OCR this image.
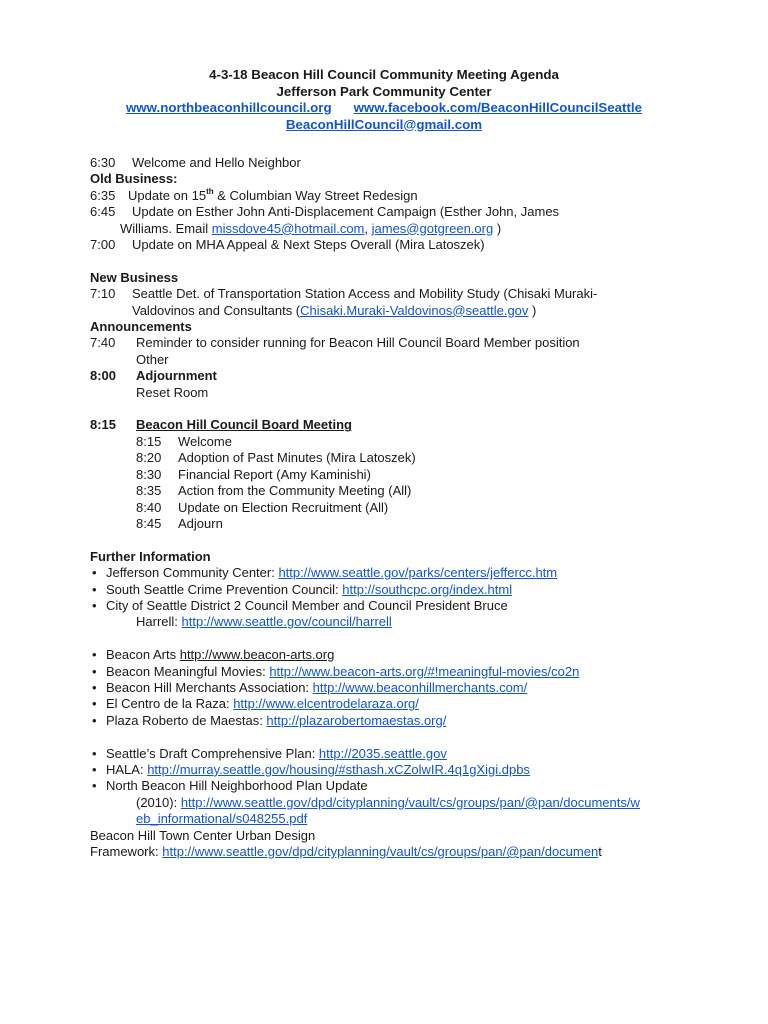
4-3-18 Beacon Hill Council Community Meeting Agenda
Jefferson Park Community Center
www.northbeaconhillcouncil.org www.facebook.com/BeaconHillCouncilSeattle
BeaconHillCouncil@gmail.com
6:30 Welcome and Hello Neighbor
Old Business:
6:35 Update on 15th & Columbian Way Street Redesign
6:45 Update on Esther John Anti-Displacement Campaign (Esther John, James
Williams. Email missdove45@hotmail.com, james@gotgreen.org )
7:00 Update on MHA Appeal & Next Steps Overall (Mira Latoszek)
New Business
7:10 Seattle Det. of Transportation Station Access and Mobility Study (Chisaki Muraki-
Valdovinos and Consultants (Chisaki.Muraki-Valdovinos@seattle.gov )
Announcements
7:40 Reminder to consider running for Beacon Hill Council Board Member position
Other
8:00 Adjournment
Reset Room
8:15 Beacon Hill Council Board Meeting
8:15 Welcome
8:20 Adoption of Past Minutes (Mira Latoszek)
8:30 Financial Report (Amy Kaminishi)
8:35 Action from the Community Meeting (All)
8:40 Update on Election Recruitment (All)
8:45 Adjourn
Further Information
• Jefferson Community Center: http://www.seattle.gov/parks/centers/jeffercc.htm
• South Seattle Crime Prevention Council: http://southcpc.org/index.html
• City of Seattle District 2 Council Member and Council President Bruce
Harrell: http://www.seattle.gov/council/harrell
• Beacon Arts http://www.beacon-arts.org
• Beacon Meaningful Movies: http://www.beacon-arts.org/#!meaningful-movies/co2n
• Beacon Hill Merchants Association: http://www.beaconhillmerchants.com/
• El Centro de la Raza: http://www.elcentrodelaraza.org/
• Plaza Roberto de Maestas: http://plazarobertomaestas.org/
• Seattle’s Draft Comprehensive Plan: http://2035.seattle.gov
• HALA: http://murray.seattle.gov/housing/#sthash.xCZolwIR.4q1gXigi.dpbs
• North Beacon Hill Neighborhood Plan Update
(2010): http://www.seattle.gov/dpd/cityplanning/vault/cs/groups/pan/@pan/documents/w
eb_informational/s048255.pdf
Beacon Hill Town Center Urban Design
Framework: http://www.seattle.gov/dpd/cityplanning/vault/cs/groups/pan/@pan/document
